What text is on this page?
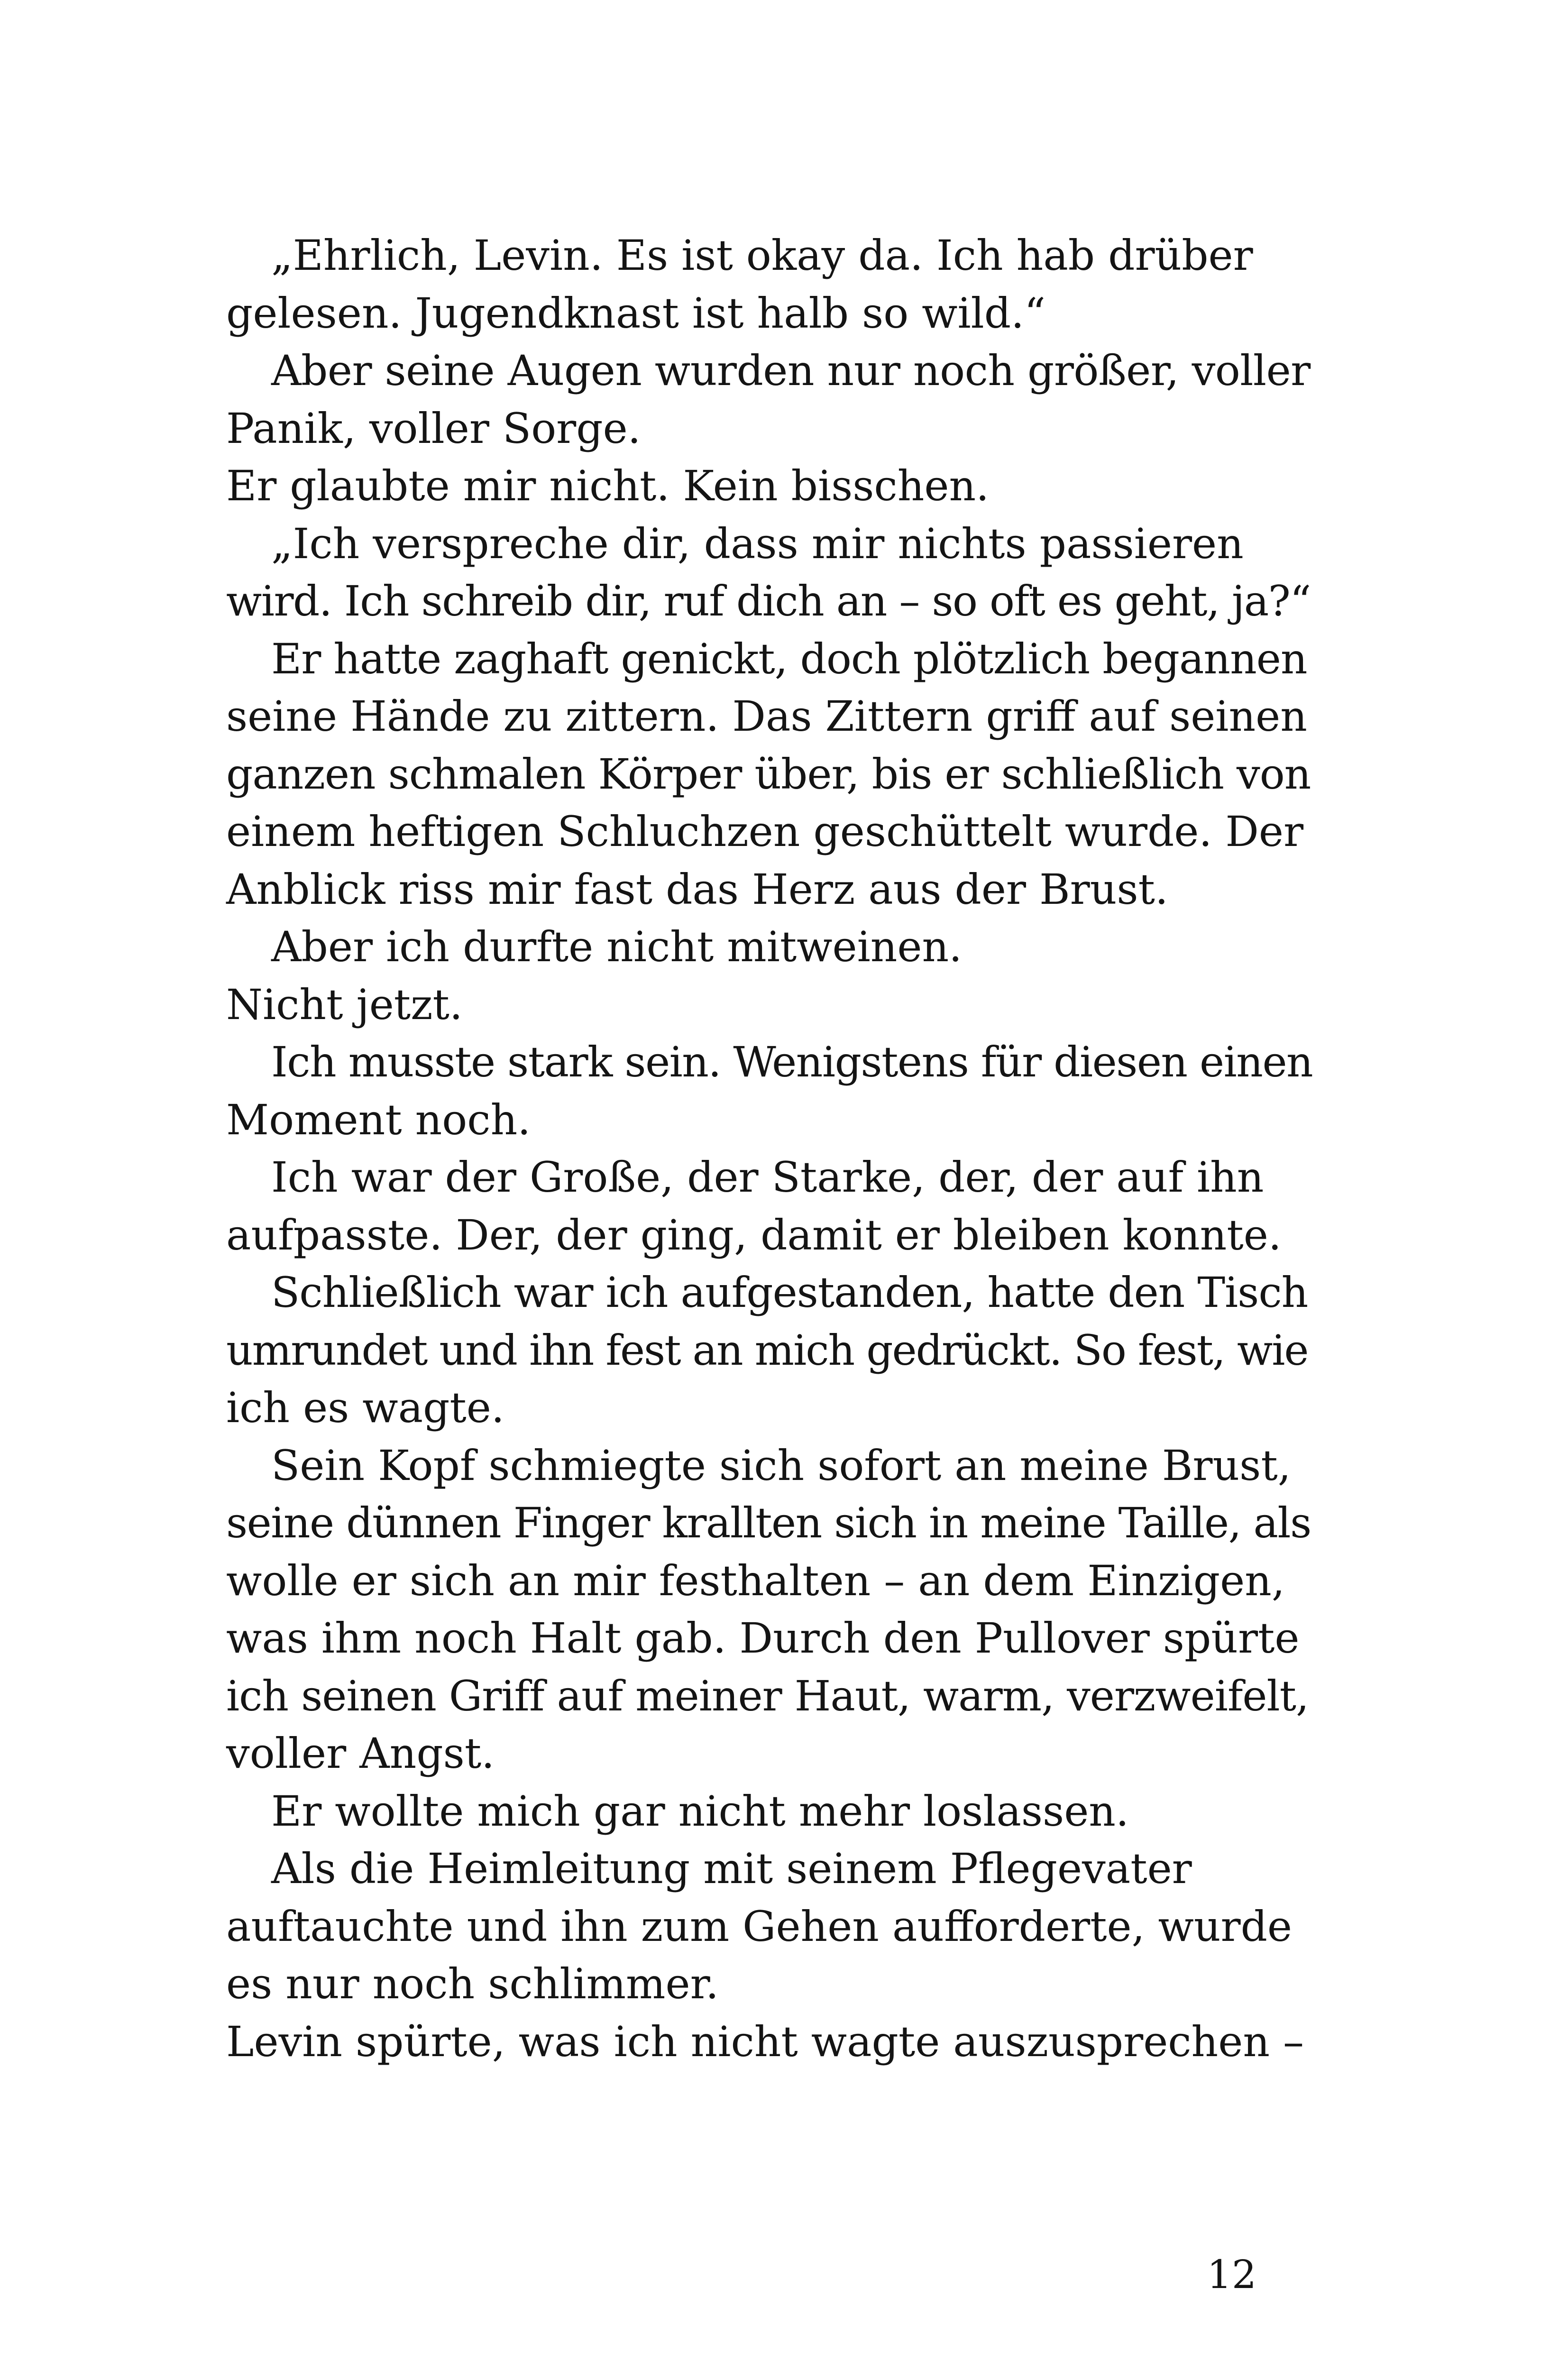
„Ehrlich, Levin. Es ist okay da. Ich hab drüber
gelesen. Jugendknast ist halb so wild.“
Aber seine Augen wurden nur noch größer, voller
Panik, voller Sorge.
Er glaubte mir nicht. Kein bisschen.
„Ich verspreche dir, dass mir nichts passieren
wird. Ich schreib dir, ruf dich an – so oft es geht, ja?“
Er hatte zaghaft genickt, doch plötzlich begannen
seine Hände zu zittern. Das Zittern griff auf seinen
ganzen schmalen Körper über, bis er schließlich von
einem heftigen Schluchzen geschüttelt wurde. Der
Anblick riss mir fast das Herz aus der Brust.
Aber ich durfte nicht mitweinen.
Nicht jetzt.
Ich musste stark sein. Wenigstens für diesen einen
Moment noch.
Ich war der Große, der Starke, der, der auf ihn
aufpasste. Der, der ging, damit er bleiben konnte.
Schließlich war ich aufgestanden, hatte den Tisch
umrundet und ihn fest an mich gedrückt. So fest, wie
ich es wagte.
Sein Kopf schmiegte sich sofort an meine Brust,
seine dünnen Finger krallten sich in meine Taille, als
wolle er sich an mir festhalten – an dem Einzigen,
was ihm noch Halt gab. Durch den Pullover spürte
ich seinen Griff auf meiner Haut, warm, verzweifelt,
voller Angst.
Er wollte mich gar nicht mehr loslassen.
Als die Heimleitung mit seinem Pflegevater
auftauchte und ihn zum Gehen aufforderte, wurde
es nur noch schlimmer.
Levin spürte, was ich nicht wagte auszusprechen –
12
